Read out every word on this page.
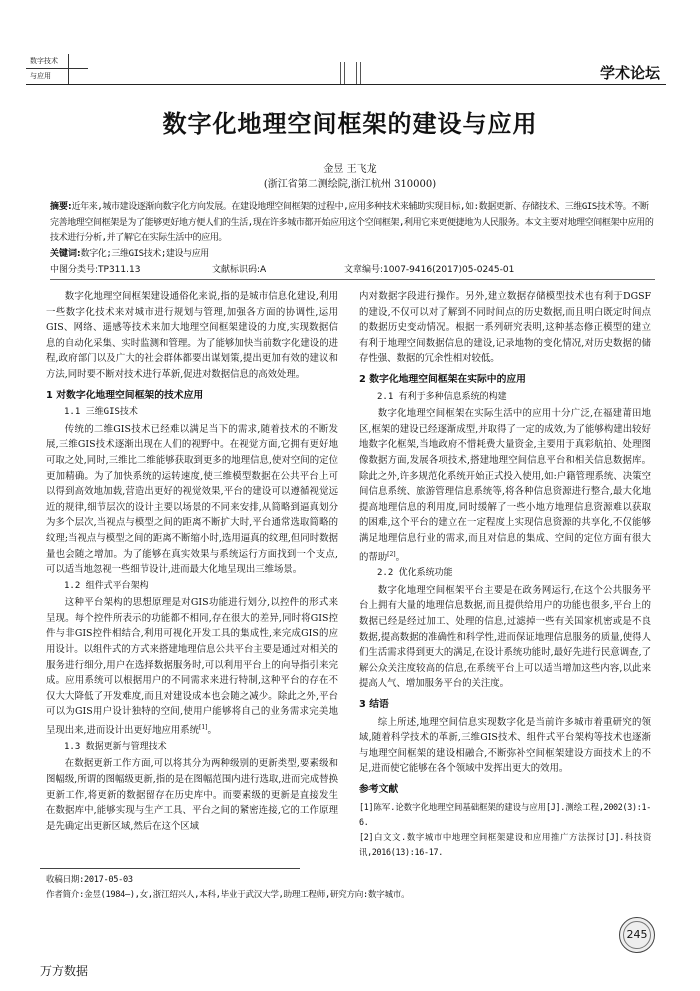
数字技术
与应用	学术论坛
数字化地理空间框架的建设与应用
金昱 王飞龙
(浙江省第二测绘院,浙江杭州 310000)
摘要:近年来,城市建设逐渐向数字化方向发展。在建设地理空间框架的过程中,应用多种技术来辅助实现目标,如:数据更新、存储技术、三维GIS技术等。不断完善地理空间框架是为了能够更好地方便人们的生活,现在许多城市都开始应用这个空间框架,利用它来更便捷地为人民服务。本文主要对地理空间框架中应用的技术进行分析,并了解它在实际生活中的应用。
关键词:数字化;三维GIS技术;建设与应用
中图分类号:TP311.13	文献标识码:A	文章编号:1007-9416(2017)05-0245-01

数字化地理空间框架建设通俗化来说,指的是城市信息化建设,利用一些数字化技术来对城市进行规划与管理,加强各方面的协调性,运用GIS、网络、遥感等技术来加大地理空间框架建设的力度,实现数据信息的自动化采集、实时监测和管理。为了能够加快当前数字化建设的进程,政府部门以及广大的社会群体都要出谋划策,提出更加有效的建议和方法,同时要不断对技术进行革新,促进对数据信息的高效处理。

1 对数字化地理空间框架的技术应用
1.1 三维GIS技术

传统的二维GIS技术已经难以满足当下的需求,随着技术的不断发展,三维GIS技术逐渐出现在人们的视野中。在视觉方面,它拥有更好地可取之处,同时,三维比二维能够获取到更多的地理信息,使对空间的定位更加精确。为了加快系统的运转速度,使三维模型数据在公共平台上可以得到高效地加载,营造出更好的视觉效果,平台的建设可以遵循视觉远近的规律,细节层次的设计主要以场景的不同来安排,从简略到逼真划分为多个层次,当视点与模型之间的距离不断扩大时,平台通常选取简略的纹理;当视点与模型之间的距离不断缩小时,选用逼真的纹理,但同时数据量也会随之增加。为了能够在真实效果与系统运行方面找到一个支点,可以适当地忽视一些细节设计,进而最大化地呈现出三维场景。

1.2 组件式平台架构

这种平台架构的思想原理是对GIS功能进行划分,以控件的形式来呈现。每个控件所表示的功能都不相同,存在很大的差异,同时将GIS控件与非GIS控件相结合,利用可视化开发工具的集成性,来完成GIS的应用设计。以组件式的方式来搭建地理信息公共平台主要是通过对相关的服务进行细分,用户在选择数据服务时,可以利用平台上的向导指引来完成。应用系统可以根据用户的不同需求来进行特制,这种平台的存在不仅大大降低了开发难度,而且对建设成本也会随之减少。除此之外,平台可以为GIS用户设计独特的空间,使用户能够将自己的业务需求完美地呈现出来,进而设计出更好地应用系统[1]。

1.3 数据更新与管理技术

在数据更新工作方面,可以将其分为两种级别的更新类型,要素级和图幅级,所谓的图幅级更新,指的是在图幅范围内进行选取,进而完成替换更新工作,将更新的数据留存在历史库中。而要素级的更新是直接发生在数据库中,能够实现与生产工具、平台之间的紧密连接,它的工作原理是先确定出更新区域,然后在这个区域

内对数据字段进行操作。另外,建立数据存储模型技术也有利于DGSF的建设,不仅可以对了解到不同时间点的历史数据,而且明白既定时间点的数据历史变动情况。根据一系列研究表明,这种基态修正模型的建立有利于地理空间数据信息的建设,记录地物的变化情况,对历史数据的储存性强、数据的冗余性相对较低。

2 数字化地理空间框架在实际中的应用
2.1 有利于多种信息系统的构建

数字化地理空间框架在实际生活中的应用十分广泛,在福建莆田地区,框架的建设已经逐渐成型,并取得了一定的成效,为了能够构建出较好地数字化框架,当地政府不惜耗费大量资金,主要用于真彩航拍、处理图像数据方面,发展各项技术,搭建地理空间信息平台和相关信息数据库。除此之外,许多规范化系统开始正式投入使用,如:户籍管理系统、决策空间信息系统、旅游管理信息系统等,将各种信息资源进行整合,最大化地提高地理信息的利用度,同时缓解了一些小地方地理信息资源难以获取的困难,这个平台的建立在一定程度上实现信息资源的共享化,不仅能够满足地理信息行业的需求,而且对信息的集成、空间的定位方面有很大的帮助[2]。

2.2 优化系统功能

数字化地理空间框架平台主要是在政务网运行,在这个公共服务平台上拥有大量的地理信息数据,而且提供给用户的功能也很多,平台上的数据已经是经过加工、处理的信息,过滤掉一些有关国家机密或是不良数据,提高数据的准确性和科学性,进而保证地理信息服务的质量,使得人们生活需求得到更大的满足,在设计系统功能时,最好先进行民意调查,了解公众关注度较高的信息,在系统平台上可以适当增加这些内容,以此来提高人气、增加服务平台的关注度。

3 结语

综上所述,地理空间信息实现数字化是当前许多城市着重研究的领域,随着科学技术的革新,三维GIS技术、组件式平台架构等技术也逐渐与地理空间框架的建设相融合,不断弥补空间框架建设方面技术上的不足,进而使它能够在各个领域中发挥出更大的效用。

参考文献

[1]陈军.论数字化地理空间基础框架的建设与应用[J].测绘工程,2002(3):1-6.

[2]白文文.数字城市中地理空间框架建设和应用推广方法探讨[J].科技资讯,2016(13):16-17.

收稿日期:2017-05-03
作者简介:金昱(1984—),女,浙江绍兴人,本科,毕业于武汉大学,助理工程师,研究方向:数字城市。
245
万方数据
